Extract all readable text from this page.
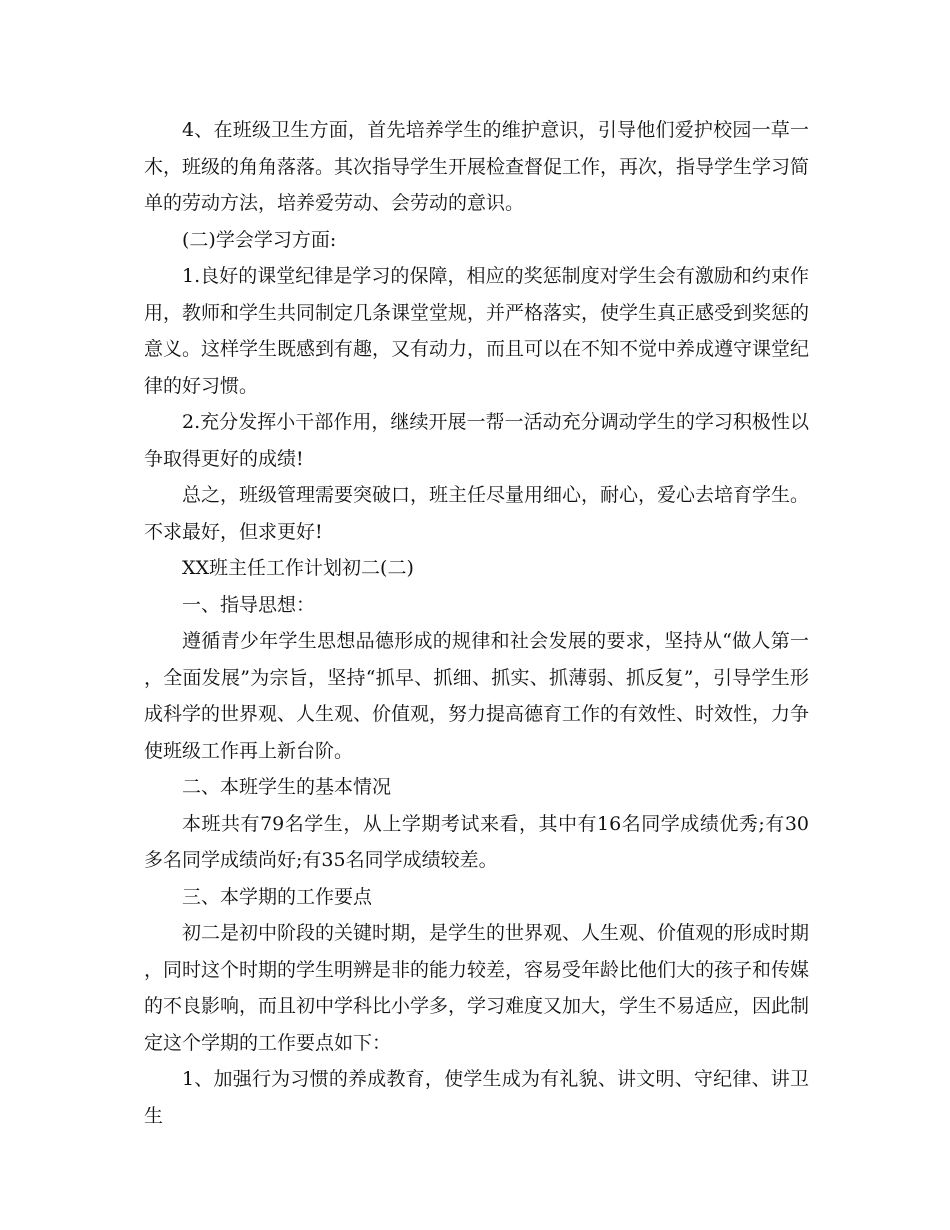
4、在班级卫生方面，首先培养学生的维护意识，引导他们爱护校园一草一木，班级的角角落落。其次指导学生开展检查督促工作，再次，指导学生学习简单的劳动方法，培养爱劳动、会劳动的意识。

(二)学会学习方面:

1.良好的课堂纪律是学习的保障，相应的奖惩制度对学生会有激励和约束作用，教师和学生共同制定几条课堂堂规，并严格落实，使学生真正感受到奖惩的意义。这样学生既感到有趣，又有动力，而且可以在不知不觉中养成遵守课堂纪律的好习惯。

2.充分发挥小干部作用，继续开展一帮一活动充分调动学生的学习积极性以争取得更好的成绩!

总之，班级管理需要突破口，班主任尽量用细心，耐心，爱心去培育学生。不求最好，但求更好!

XX班主任工作计划初二(二)

一、指导思想：

遵循青少年学生思想品德形成的规律和社会发展的要求，坚持从“做人第一，全面发展”为宗旨，坚持“抓早、抓细、抓实、抓薄弱、抓反复”，引导学生形成科学的世界观、人生观、价值观，努力提高德育工作的有效性、时效性，力争使班级工作再上新台阶。

二、本班学生的基本情况

本班共有79名学生，从上学期考试来看，其中有16名同学成绩优秀;有30多名同学成绩尚好;有35名同学成绩较差。

三、本学期的工作要点

初二是初中阶段的关键时期，是学生的世界观、人生观、价值观的形成时期，同时这个时期的学生明辨是非的能力较差，容易受年龄比他们大的孩子和传媒的不良影响，而且初中学科比小学多，学习难度又加大，学生不易适应，因此制定这个学期的工作要点如下：

1、加强行为习惯的养成教育，使学生成为有礼貌、讲文明、守纪律、讲卫生
